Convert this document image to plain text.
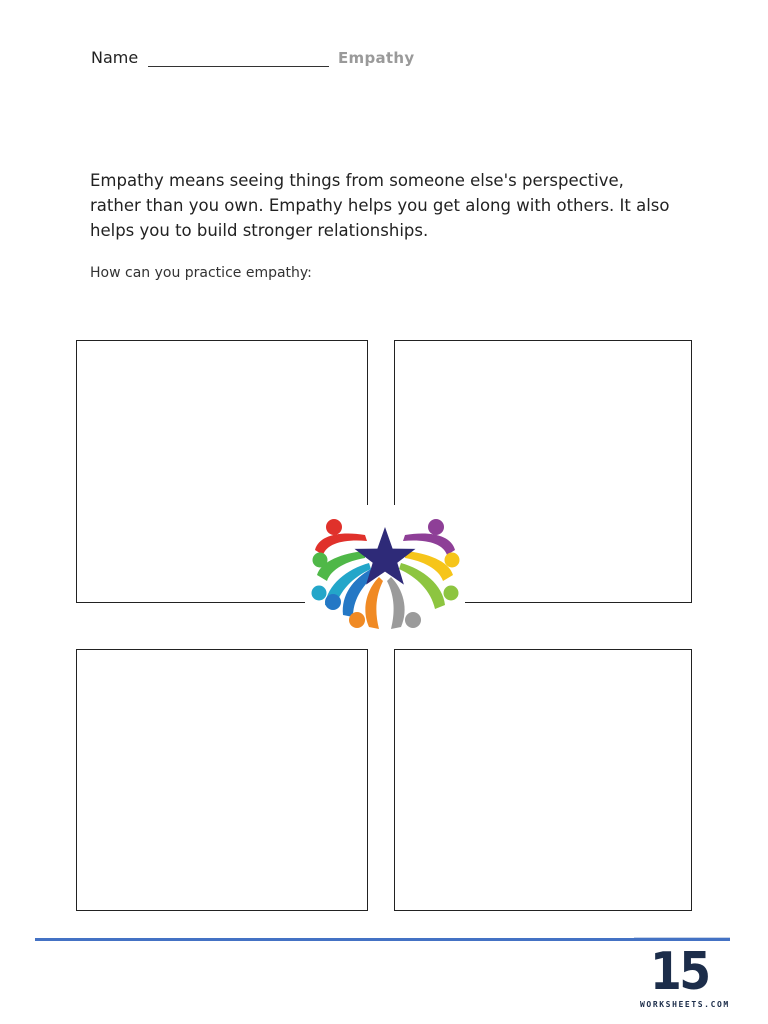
Name	Empathy
Empathy means seeing things from someone else's perspective, rather than you own. Empathy helps you get along with others. It also helps you to build stronger relationships.
How can you practice empathy:
15
WORKSHEETS.COM
